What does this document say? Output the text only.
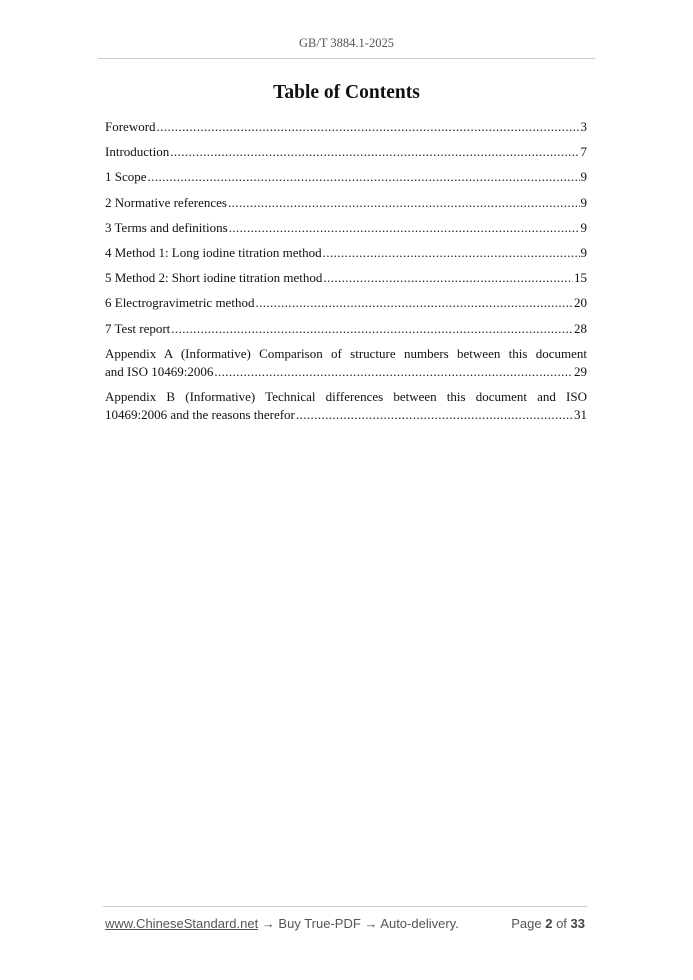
GB/T 3884.1-2025
Table of Contents
Foreword .....	3
Introduction .....	7
1 Scope .....	9
2 Normative references .....	9
3 Terms and definitions .....	9
4 Method 1: Long iodine titration method .....	9
5 Method 2: Short iodine titration method .....	15
6 Electrogravimetric method .....	20
7 Test report .....	28
Appendix A (Informative) Comparison of structure numbers between this document
and ISO 10469:2006 .....	29
Appendix B (Informative) Technical differences between this document and ISO
10469:2006 and the reasons therefor .....	31
www.ChineseStandard.net → Buy True-PDF → Auto-delivery.	Page 2 of 33
